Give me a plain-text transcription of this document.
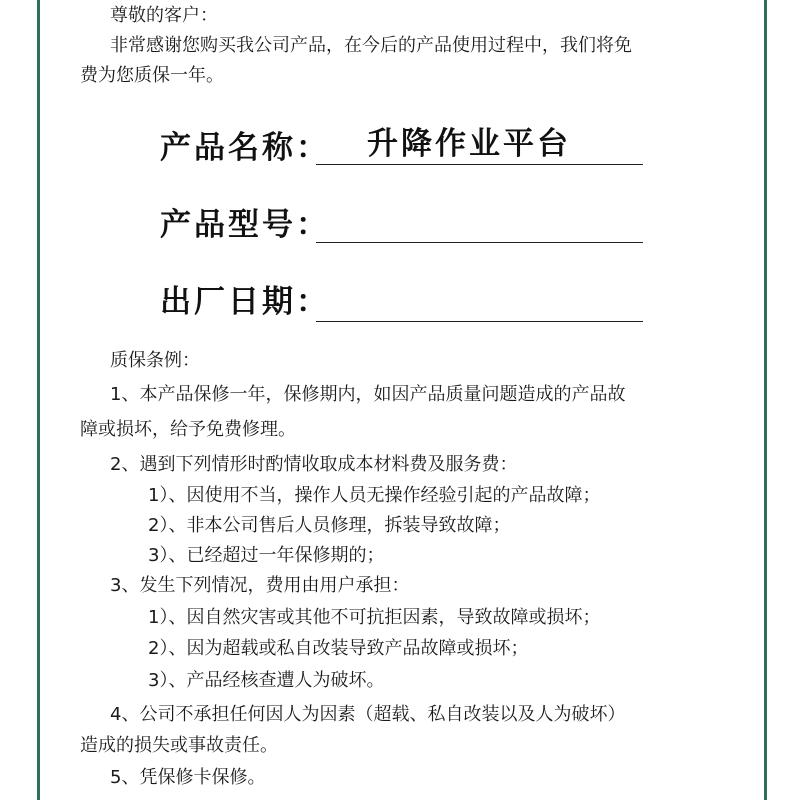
尊敬的客户：
非常感谢您购买我公司产品，在今后的产品使用过程中，我们将免
费为您质保一年。
产品名称： 升降作业平台
产品型号：
出厂日期：
质保条例：
1、本产品保修一年，保修期内，如因产品质量问题造成的产品故
障或损坏，给予免费修理。
2、遇到下列情形时酌情收取成本材料费及服务费：
1）、因使用不当，操作人员无操作经验引起的产品故障；
2）、非本公司售后人员修理，拆装导致故障；
3）、已经超过一年保修期的；
3、发生下列情况，费用由用户承担：
1）、因自然灾害或其他不可抗拒因素，导致故障或损坏；
2）、因为超载或私自改装导致产品故障或损坏；
3）、产品经核查遭人为破坏。
4、公司不承担任何因人为因素（超载、私自改装以及人为破坏）
造成的损失或事故责任。
5、凭保修卡保修。
